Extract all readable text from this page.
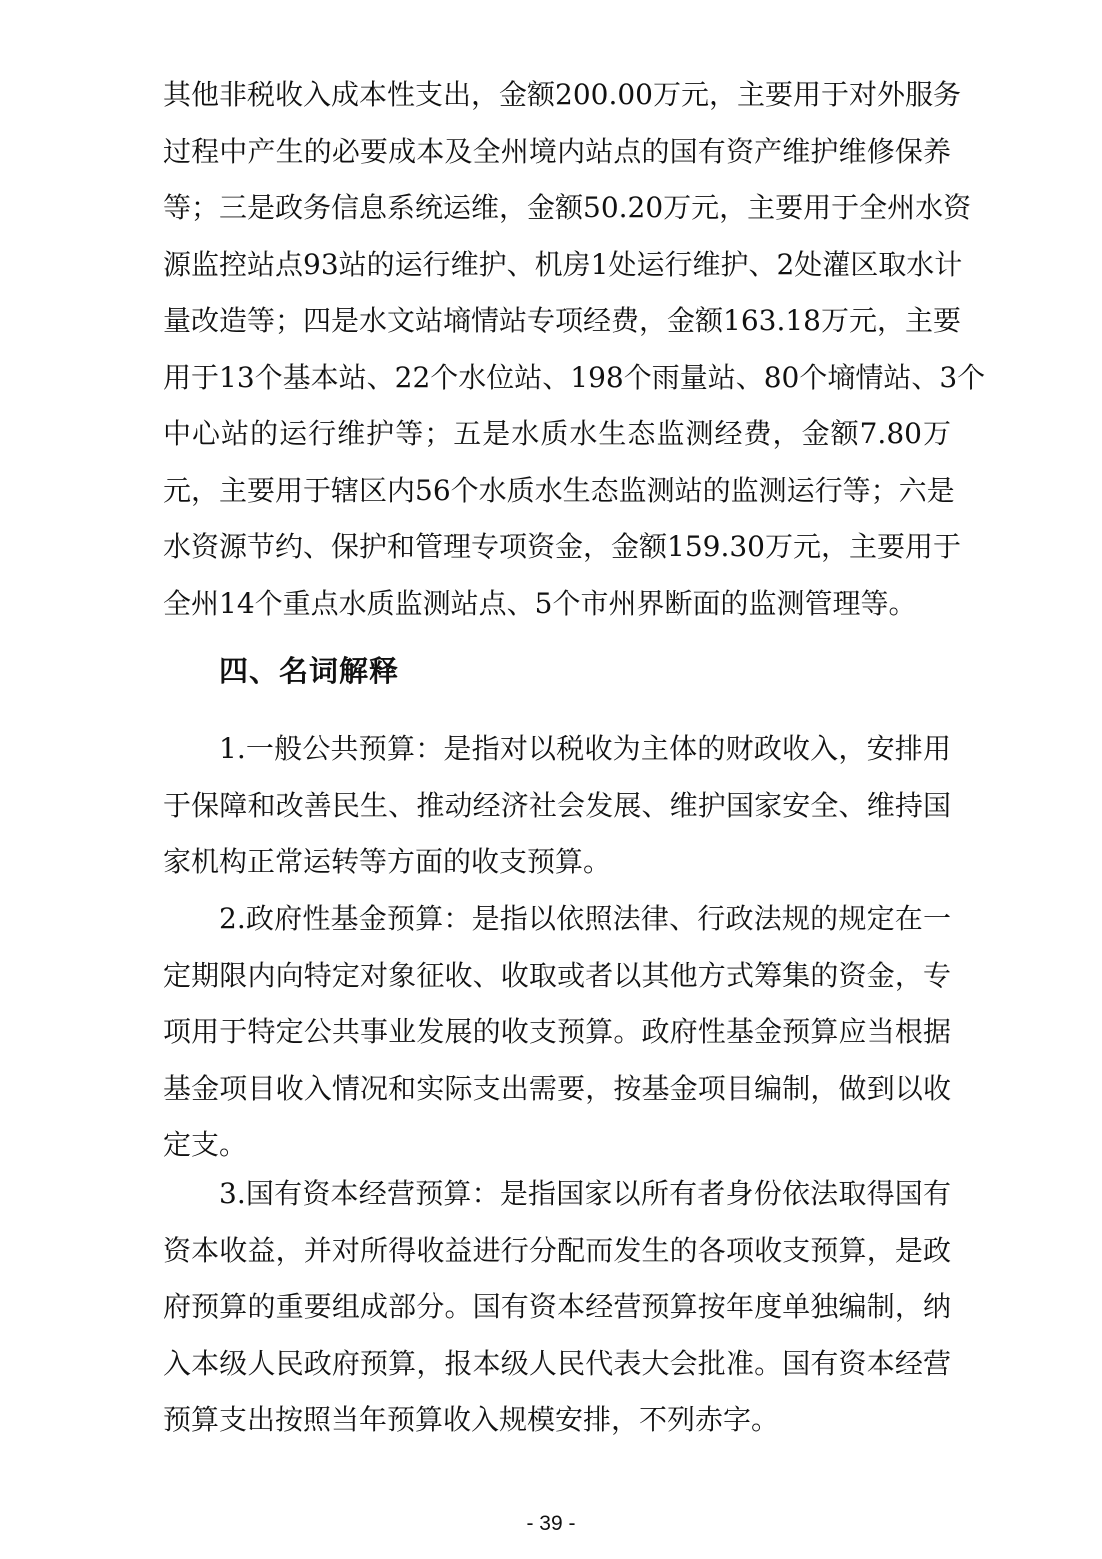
其他非税收入成本性支出，金额200.00万元，主要用于对外服务
过程中产生的必要成本及全州境内站点的国有资产维护维修保养
等；三是政务信息系统运维，金额50.20万元，主要用于全州水资
源监控站点93站的运行维护、机房1处运行维护、2处灌区取水计
量改造等；四是水文站墒情站专项经费，金额163.18万元，主要
用于13个基本站、22个水位站、198个雨量站、80个墒情站、3个
中心站的运行维护等；五是水质水生态监测经费，金额7.80万
元，主要用于辖区内56个水质水生态监测站的监测运行等；六是
水资源节约、保护和管理专项资金，金额159.30万元，主要用于
全州14个重点水质监测站点、5个市州界断面的监测管理等。
四、名词解释
1.一般公共预算：是指对以税收为主体的财政收入，安排用
于保障和改善民生、推动经济社会发展、维护国家安全、维持国
家机构正常运转等方面的收支预算。
2.政府性基金预算：是指以依照法律、行政法规的规定在一
定期限内向特定对象征收、收取或者以其他方式筹集的资金，专
项用于特定公共事业发展的收支预算。政府性基金预算应当根据
基金项目收入情况和实际支出需要，按基金项目编制，做到以收
定支。
3.国有资本经营预算：是指国家以所有者身份依法取得国有
资本收益，并对所得收益进行分配而发生的各项收支预算，是政
府预算的重要组成部分。国有资本经营预算按年度单独编制，纳
入本级人民政府预算，报本级人民代表大会批准。国有资本经营
预算支出按照当年预算收入规模安排，不列赤字。
- 39 -
